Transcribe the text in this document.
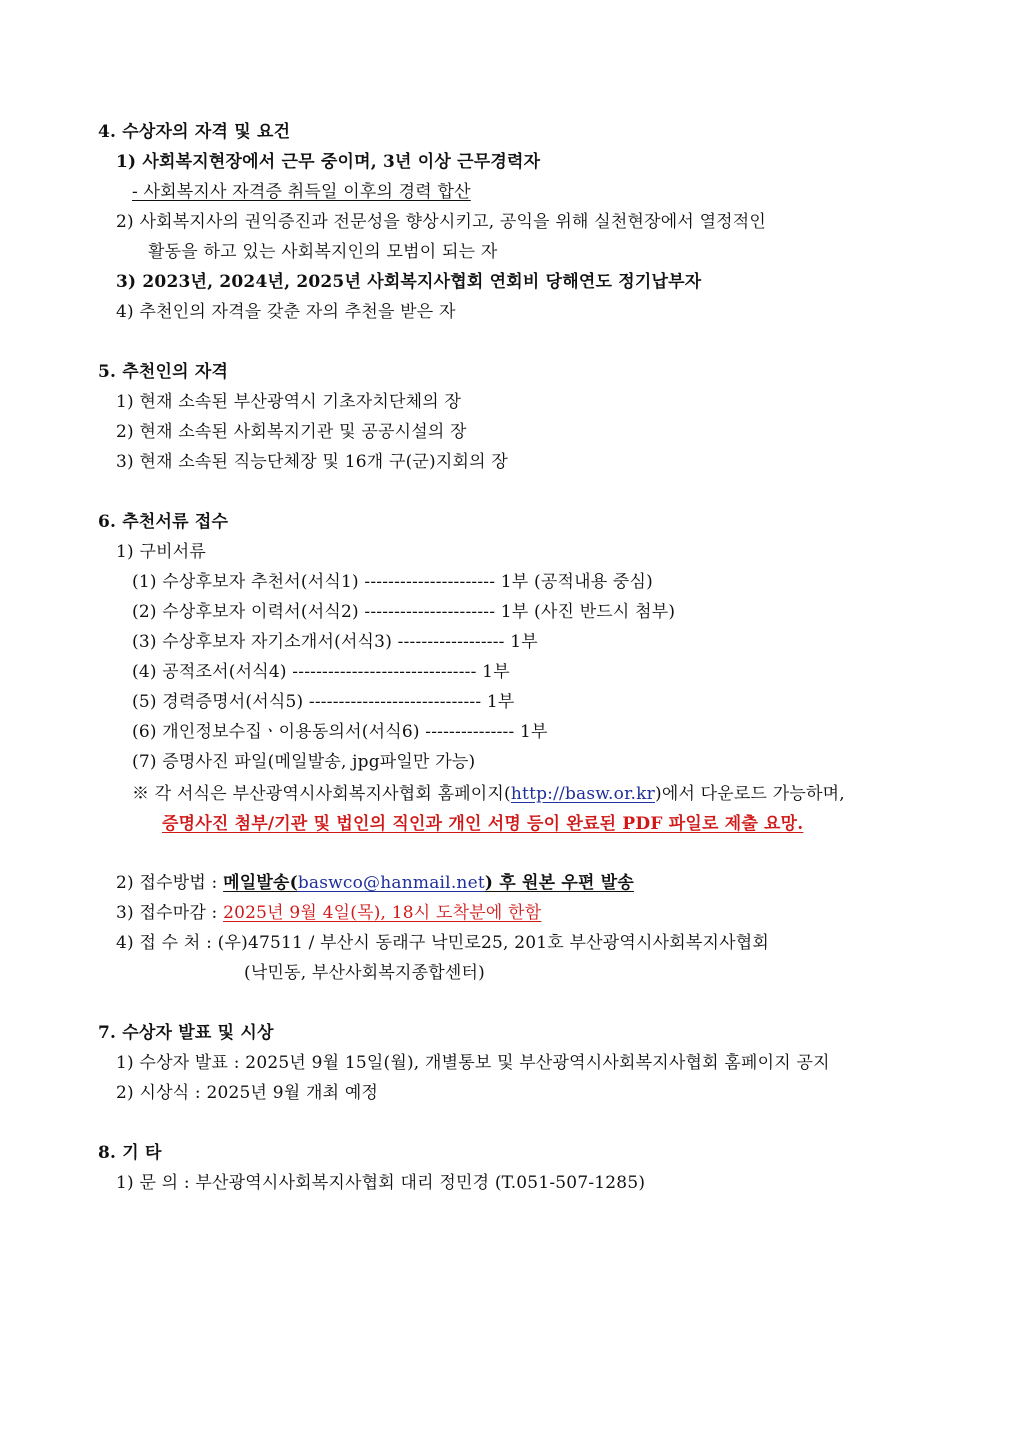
4. 수상자의 자격 및 요건
1) 사회복지현장에서 근무 중이며, 3년 이상 근무경력자
- 사회복지사 자격증 취득일 이후의 경력 합산
2) 사회복지사의 권익증진과 전문성을 향상시키고, 공익을 위해 실천현장에서 열정적인
활동을 하고 있는 사회복지인의 모범이 되는 자
3) 2023년, 2024년, 2025년 사회복지사협회 연회비 당해연도 정기납부자
4) 추천인의 자격을 갖춘 자의 추천을 받은 자
5. 추천인의 자격
1) 현재 소속된 부산광역시 기초자치단체의 장
2) 현재 소속된 사회복지기관 및 공공시설의 장
3) 현재 소속된 직능단체장 및 16개 구(군)지회의 장
6. 추천서류 접수
1) 구비서류
(1) 수상후보자 추천서(서식1) ---------------------- 1부 (공적내용 중심)
(2) 수상후보자 이력서(서식2) ---------------------- 1부 (사진 반드시 첨부)
(3) 수상후보자 자기소개서(서식3) ------------------ 1부
(4) 공적조서(서식4) ------------------------------- 1부
(5) 경력증명서(서식5) ----------------------------- 1부
(6) 개인정보수집ㆍ이용동의서(서식6) --------------- 1부
(7) 증명사진 파일(메일발송, jpg파일만 가능)
※ 각 서식은 부산광역시사회복지사협회 홈페이지(http://basw.or.kr)에서 다운로드 가능하며,
증명사진 첨부/기관 및 법인의 직인과 개인 서명 등이 완료된 PDF 파일로 제출 요망.
2) 접수방법 : 메일발송(baswco@hanmail.net) 후 원본 우편 발송
3) 접수마감 : 2025년 9월 4일(목), 18시 도착분에 한함
4) 접 수 처 : (우)47511 / 부산시 동래구 낙민로25, 201호 부산광역시사회복지사협회
(낙민동, 부산사회복지종합센터)
7. 수상자 발표 및 시상
1) 수상자 발표 : 2025년 9월 15일(월), 개별통보 및 부산광역시사회복지사협회 홈페이지 공지
2) 시상식 : 2025년 9월 개최 예정
8. 기 타
1) 문 의 : 부산광역시사회복지사협회 대리 정민경 (T.051-507-1285)
